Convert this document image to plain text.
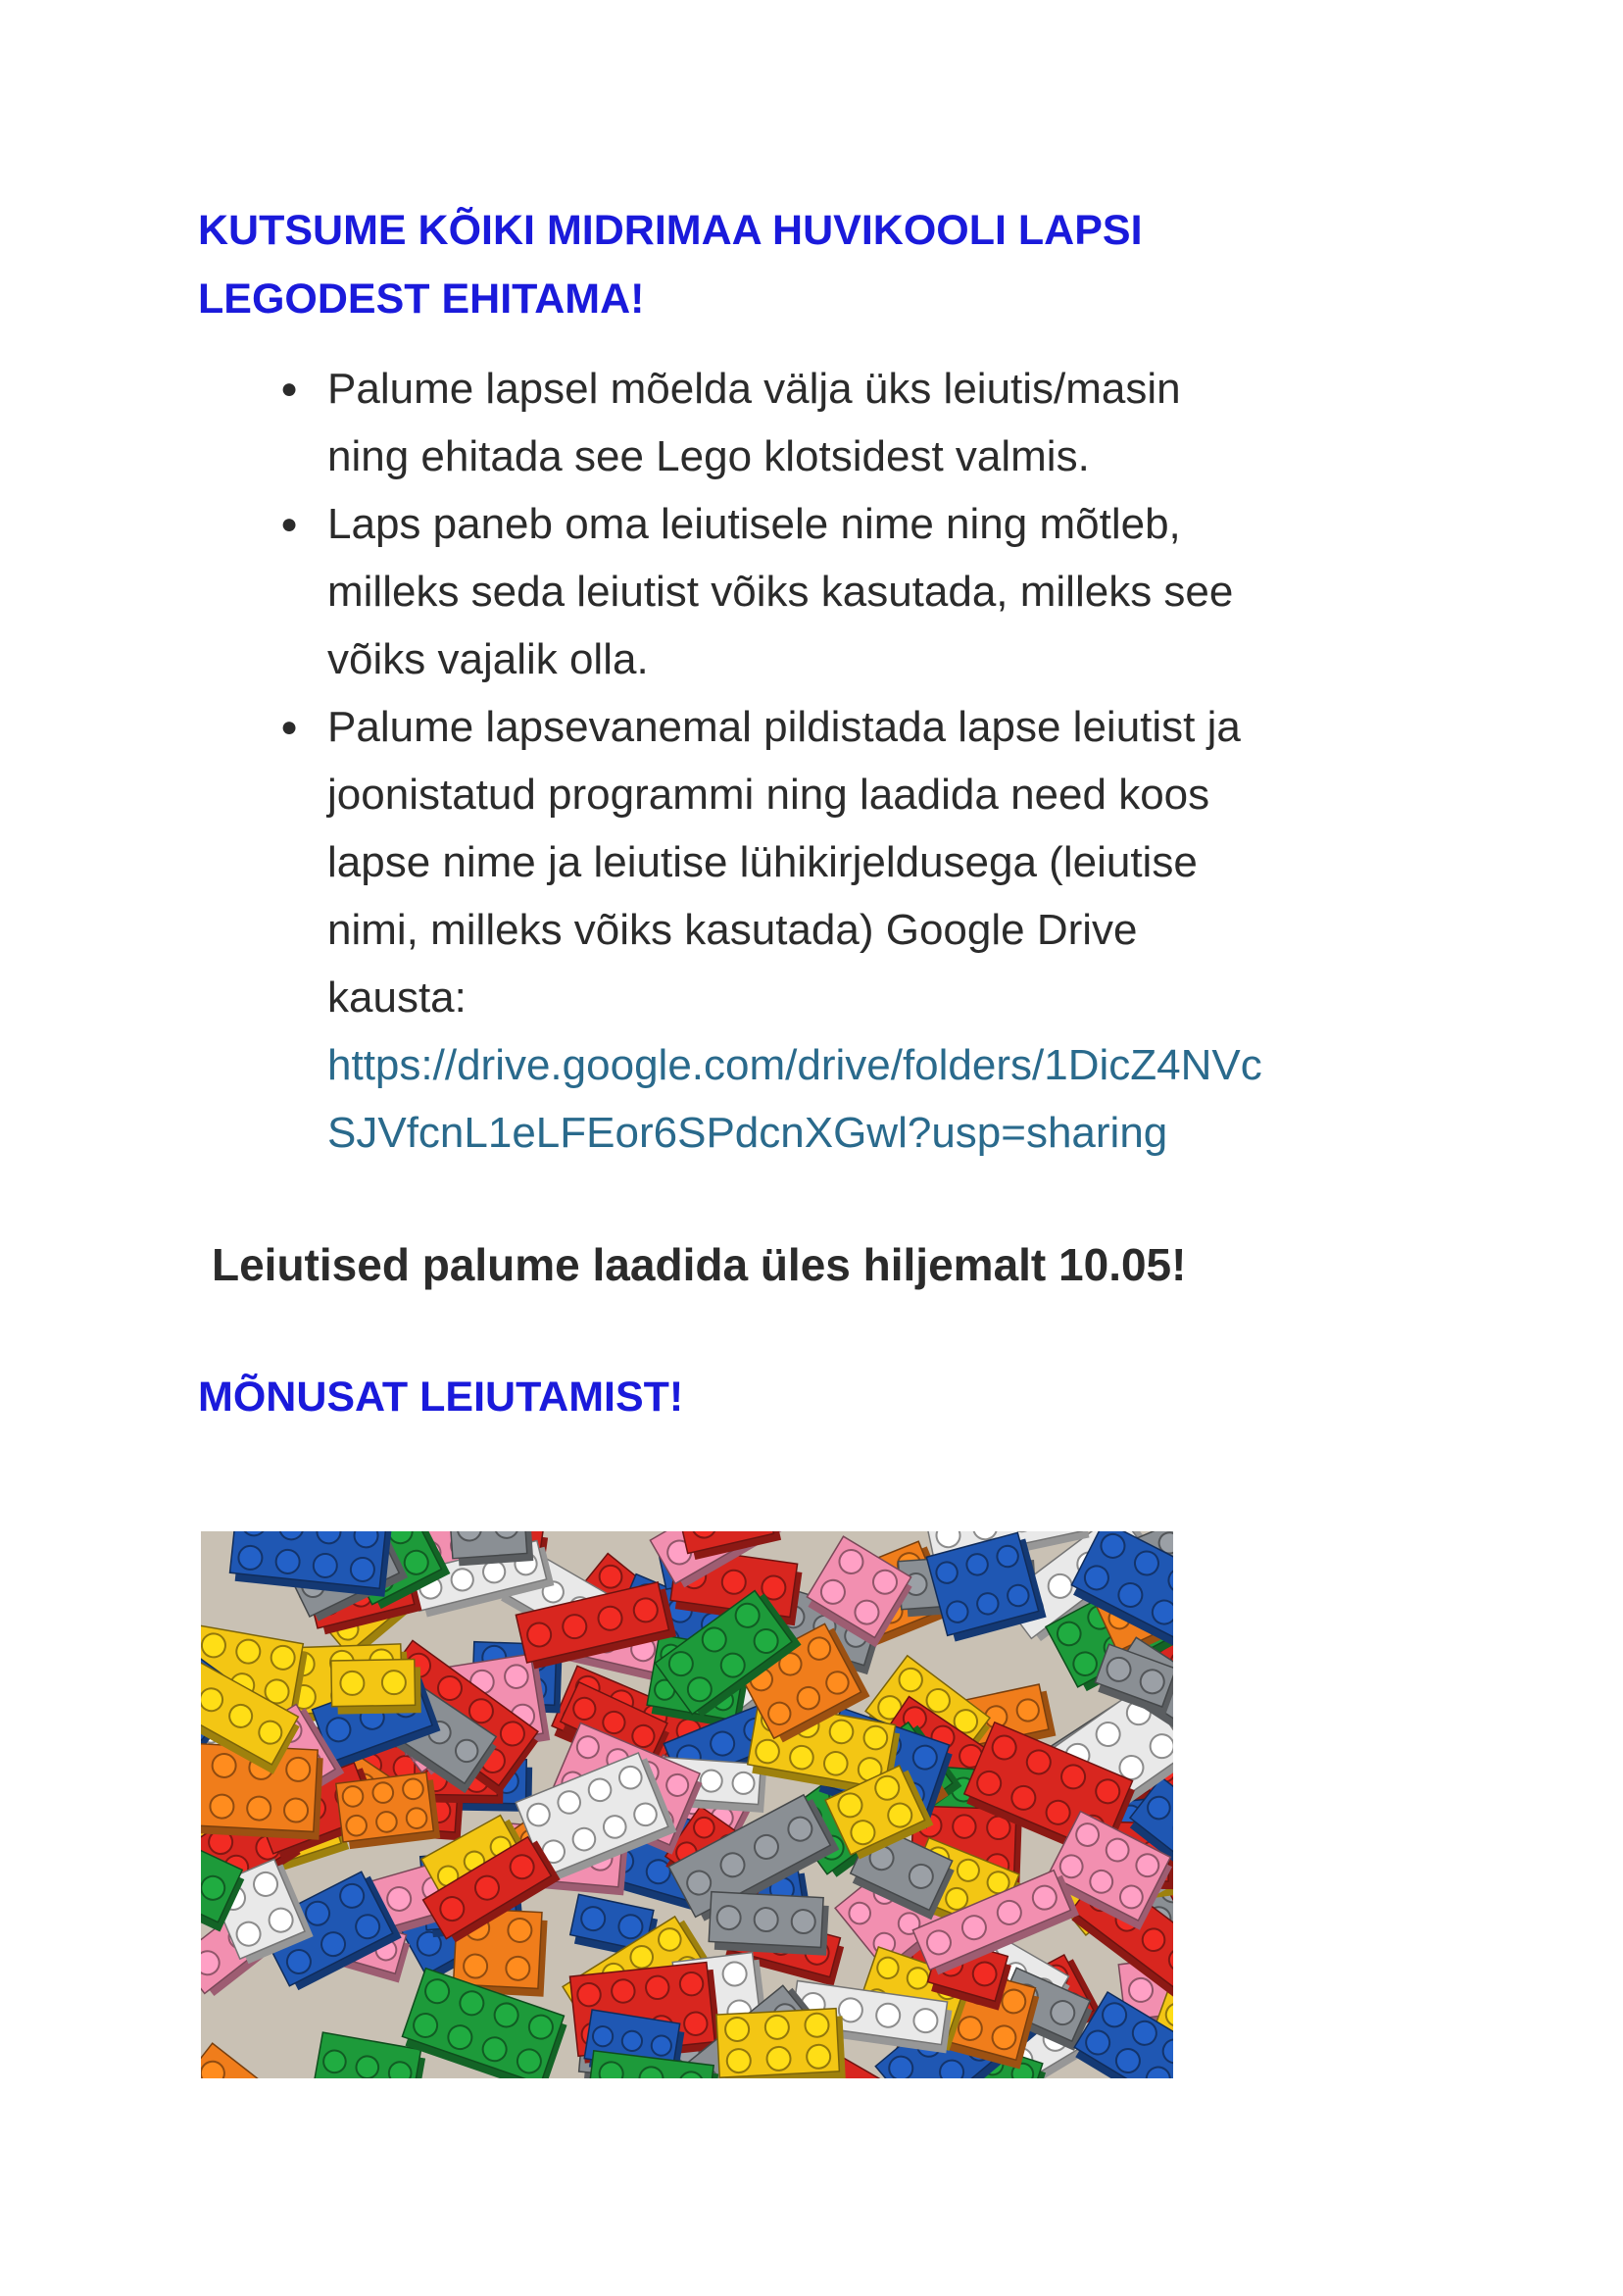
KUTSUME KÕIKI MIDRIMAA HUVIKOOLI LAPSI
LEGODEST EHITAMA!
● Palume lapsel mõelda välja üks leiutis/masin
ning ehitada see Lego klotsidest valmis.
● Laps paneb oma leiutisele nime ning mõtleb,
milleks seda leiutist võiks kasutada, milleks see
võiks vajalik olla.
● Palume lapsevanemal pildistada lapse leiutist ja
joonistatud programmi ning laadida need koos
lapse nime ja leiutise lühikirjeldusega (leiutise
nimi, milleks võiks kasutada) Google Drive
kausta:
https://drive.google.com/drive/folders/1DicZ4NVc
SJVfcnL1eLFEor6SPdcnXGwl?usp=sharing

Leiutised palume laadida üles hiljemalt 10.05!

MÕNUSAT LEIUTAMIST!
